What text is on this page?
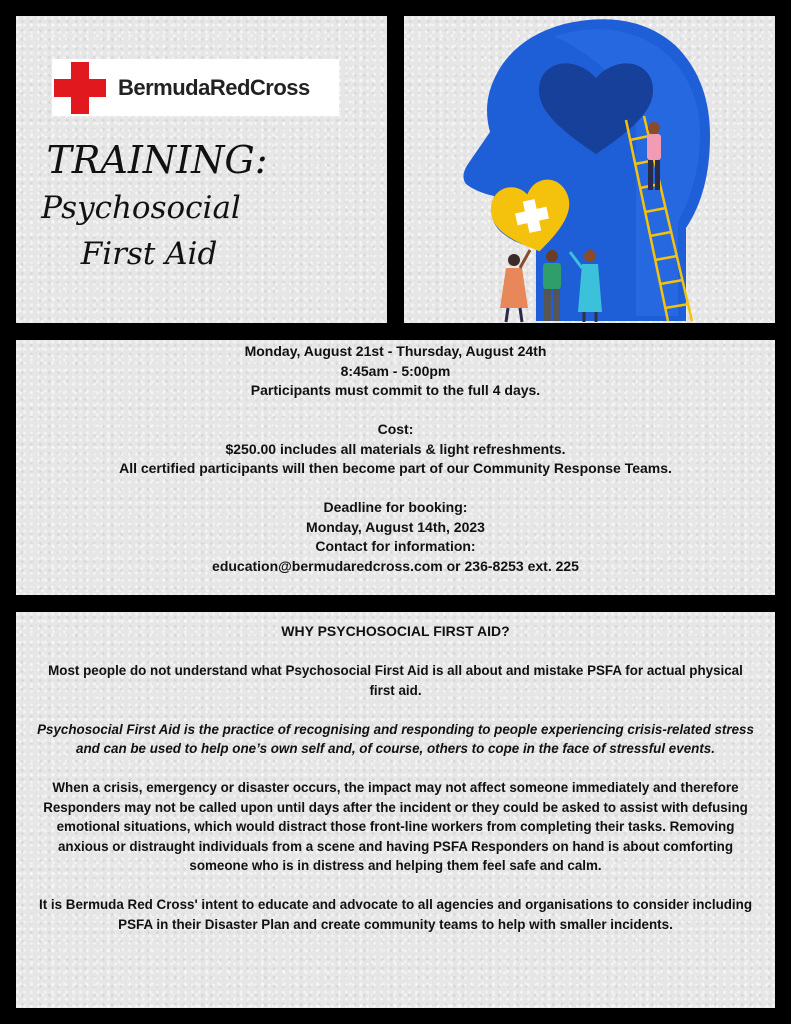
BermudaRedCross
TRAINING:
Psychosocial
First Aid
Monday, August 21st - Thursday, August 24th
8:45am - 5:00pm
Participants must commit to the full 4 days.
Cost:
$250.00 includes all materials & light refreshments.
All certified participants will then become part of our Community Response Teams.
Deadline for booking:
Monday, August 14th, 2023
Contact for information:
education@bermudaredcross.com or 236-8253 ext. 225

WHY PSYCHOSOCIAL FIRST AID?

Most people do not understand what Psychosocial First Aid is all about and mistake PSFA for actual physical first aid.

Psychosocial First Aid is the practice of recognising and responding to people experiencing crisis-related stress and can be used to help one’s own self and, of course, others to cope in the face of stressful events.

When a crisis, emergency or disaster occurs, the impact may not affect someone immediately and therefore Responders may not be called upon until days after the incident or they could be asked to assist with defusing emotional situations, which would distract those front-line workers from completing their tasks. Removing anxious or distraught individuals from a scene and having PSFA Responders on hand is about comforting someone who is in distress and helping them feel safe and calm.

It is Bermuda Red Cross' intent to educate and advocate to all agencies and organisations to consider including PSFA in their Disaster Plan and create community teams to help with smaller incidents.
